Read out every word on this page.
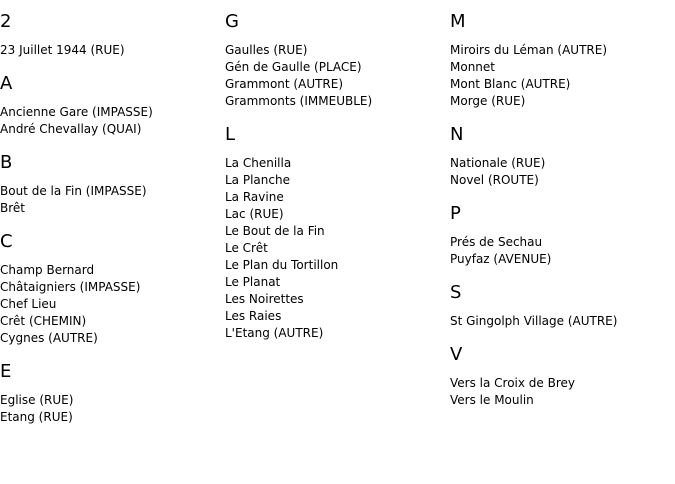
2
23 Juillet 1944 (RUE)
A
Ancienne Gare (IMPASSE)
André Chevallay (QUAI)
B
Bout de la Fin (IMPASSE)
Brêt
C
Champ Bernard
Châtaigniers (IMPASSE)
Chef Lieu
Crêt (CHEMIN)
Cygnes (AUTRE)
E
Eglise (RUE)
Etang (RUE)
G
Gaulles (RUE)
Gén de Gaulle (PLACE)
Grammont (AUTRE)
Grammonts (IMMEUBLE)
L
La Chenilla
La Planche
La Ravine
Lac (RUE)
Le Bout de la Fin
Le Crêt
Le Plan du Tortillon
Le Planat
Les Noirettes
Les Raies
L'Etang (AUTRE)
M
Miroirs du Léman (AUTRE)
Monnet
Mont Blanc (AUTRE)
Morge (RUE)
N
Nationale (RUE)
Novel (ROUTE)
P
Prés de Sechau
Puyfaz (AVENUE)
S
St Gingolph Village (AUTRE)
V
Vers la Croix de Brey
Vers le Moulin
